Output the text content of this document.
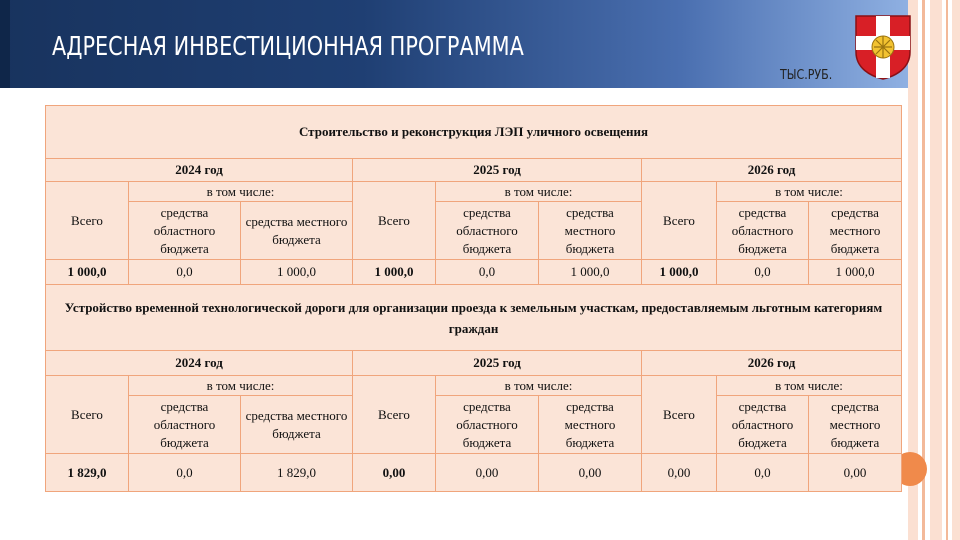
АДРЕСНАЯ ИНВЕСТИЦИОННАЯ ПРОГРАММА
ТЫС.РУБ.
Строительство и реконструкция ЛЭП уличного освещения								
2024 год			2025 год			2026 год		
Всего	в том числе:		Всего	в том числе:		Всего	в том числе:	
	средства областного бюджета	средства местного бюджета		средства областного бюджета	средства местного бюджета		средства областного бюджета	средства местного бюджета
1 000,0	0,0	1 000,0	1 000,0	0,0	1 000,0	1 000,0	0,0	1 000,0
Устройство временной технологической дороги для организации проезда к земельным участкам, предоставляемым льготным категориям граждан								
2024 год			2025 год			2026 год		
Всего	в том числе:		Всего	в том числе:		Всего	в том числе:	
	средства областного бюджета	средства местного бюджета		средства областного бюджета	средства местного бюджета		средства областного бюджета	средства местного бюджета
1 829,0	0,0	1 829,0	0,00	0,00	0,00	0,00	0,0	0,00
